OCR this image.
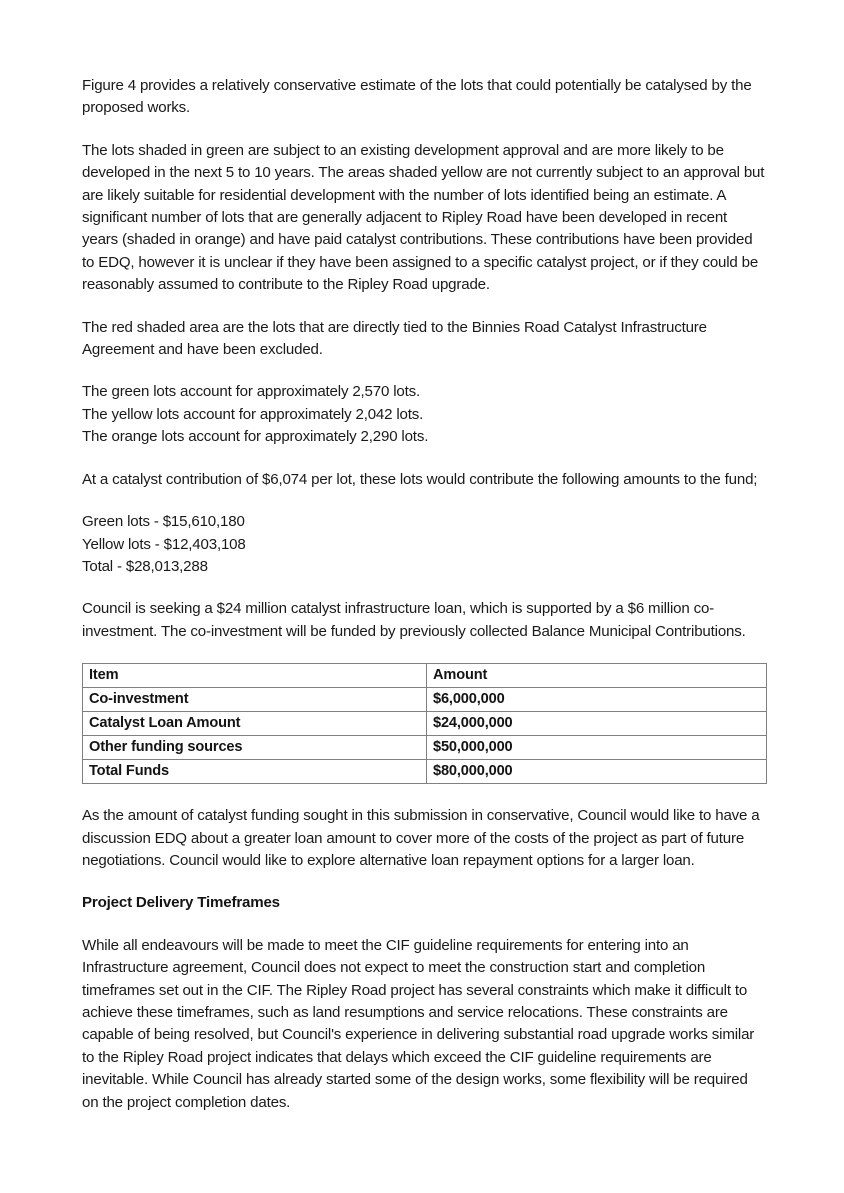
Figure 4 provides a relatively conservative estimate of the lots that could potentially be catalysed by the proposed works.

The lots shaded in green are subject to an existing development approval and are more likely to be developed in the next 5 to 10 years. The areas shaded yellow are not currently subject to an approval but are likely suitable for residential development with the number of lots identified being an estimate. A significant number of lots that are generally adjacent to Ripley Road have been developed in recent years (shaded in orange) and have paid catalyst contributions. These contributions have been provided to EDQ, however it is unclear if they have been assigned to a specific catalyst project, or if they could be reasonably assumed to contribute to the Ripley Road upgrade.

The red shaded area are the lots that are directly tied to the Binnies Road Catalyst Infrastructure Agreement and have been excluded.

The green lots account for approximately 2,570 lots.
The yellow lots account for approximately 2,042 lots.
The orange lots account for approximately 2,290 lots.

At a catalyst contribution of $6,074 per lot, these lots would contribute the following amounts to the fund;

Green lots - $15,610,180
Yellow lots - $12,403,108
Total - $28,013,288

Council is seeking a $24 million catalyst infrastructure loan, which is supported by a $6 million co-investment. The co-investment will be funded by previously collected Balance Municipal Contributions.

Item	Amount
Co-investment	$6,000,000
Catalyst Loan Amount	$24,000,000
Other funding sources	$50,000,000
Total Funds	$80,000,000

As the amount of catalyst funding sought in this submission in conservative, Council would like to have a discussion EDQ about a greater loan amount to cover more of the costs of the project as part of future negotiations. Council would like to explore alternative loan repayment options for a larger loan.

Project Delivery Timeframes

While all endeavours will be made to meet the CIF guideline requirements for entering into an Infrastructure agreement, Council does not expect to meet the construction start and completion timeframes set out in the CIF. The Ripley Road project has several constraints which make it difficult to achieve these timeframes, such as land resumptions and service relocations. These constraints are capable of being resolved, but Council's experience in delivering substantial road upgrade works similar to the Ripley Road project indicates that delays which exceed the CIF guideline requirements are inevitable. While Council has already started some of the design works, some flexibility will be required on the project completion dates.
